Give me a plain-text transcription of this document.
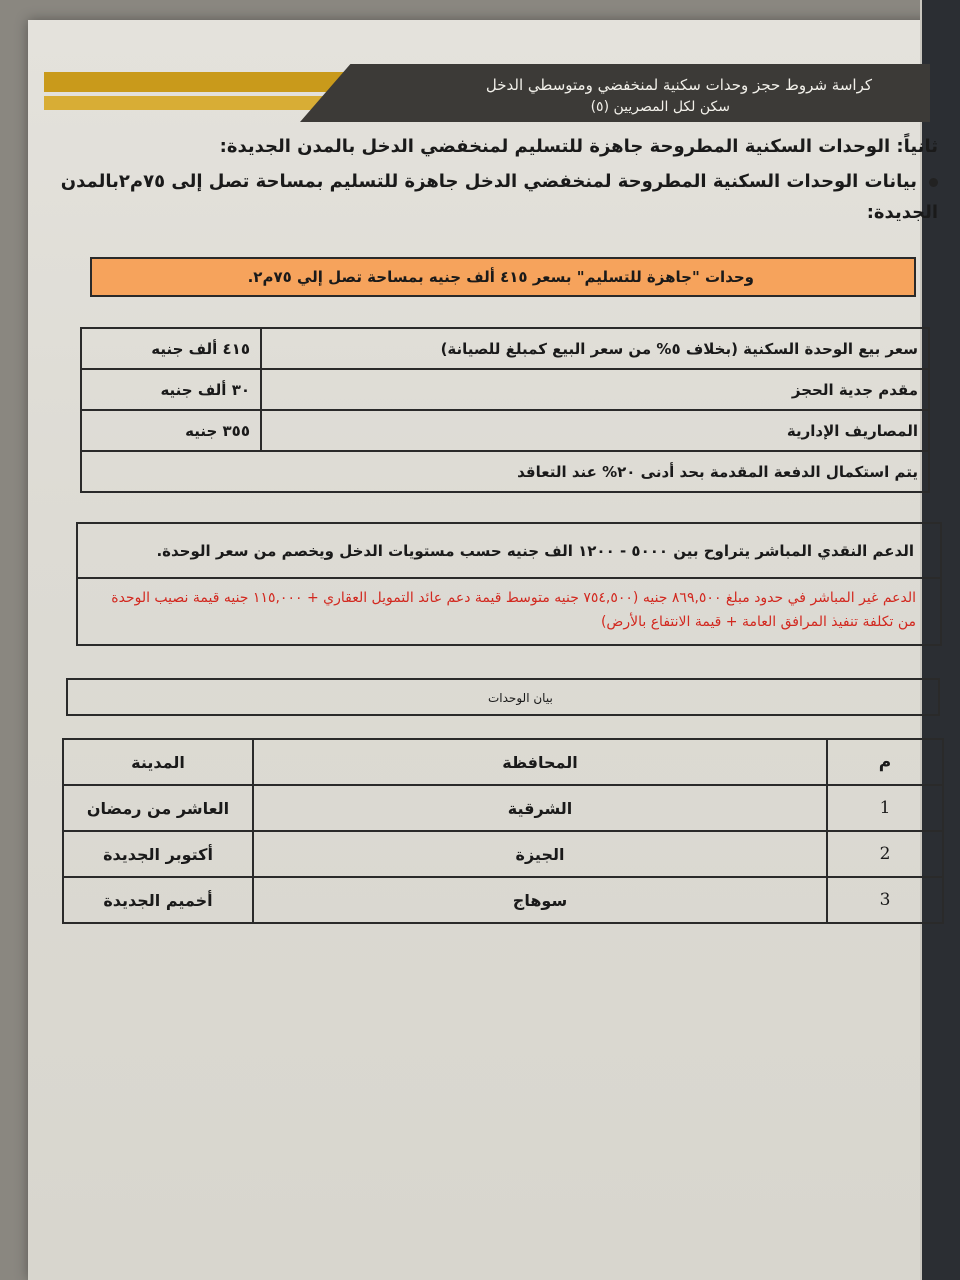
كراسة شروط حجز وحدات سكنية لمنخفضي ومتوسطي الدخل
سكن لكل المصريين (٥)
ثانياً: الوحدات السكنية المطروحة جاهزة للتسليم لمنخفضي الدخل بالمدن الجديدة:
بيانات الوحدات السكنية المطروحة لمنخفضي الدخل جاهزة للتسليم بمساحة تصل إلى ٧٥م٢بالمدن الجديدة:
وحدات "جاهزة للتسليم" بسعر ٤١٥ ألف جنيه بمساحة تصل إلي ٧٥م٢.
سعر بيع الوحدة السكنية (بخلاف ٥% من سعر البيع كمبلغ للصيانة)	٤١٥ ألف جنيه
مقدم جدية الحجز	٣٠ ألف جنيه
المصاريف الإدارية	٣٥٥ جنيه
يتم استكمال الدفعة المقدمة بحد أدنى ٢٠% عند التعاقد	
الدعم النقدي المباشر يتراوح بين ٥٠٠٠ - ١٢٠٠ الف جنيه حسب مستويات الدخل ويخصم من سعر الوحدة.
الدعم غير المباشر في حدود مبلغ ٨٦٩,٥٠٠ جنيه (٧٥٤,٥٠٠ جنيه متوسط قيمة دعم عائد التمويل العقاري + ١١٥,٠٠٠ جنيه قيمة نصيب الوحدة من تكلفة تنفيذ المرافق العامة + قيمة الانتفاع بالأرض)
بيان الوحدات
م	المحافظة	المدينة
1	الشرقية	العاشر من رمضان
2	الجيزة	أكتوبر الجديدة
3	سوهاج	أخميم الجديدة
